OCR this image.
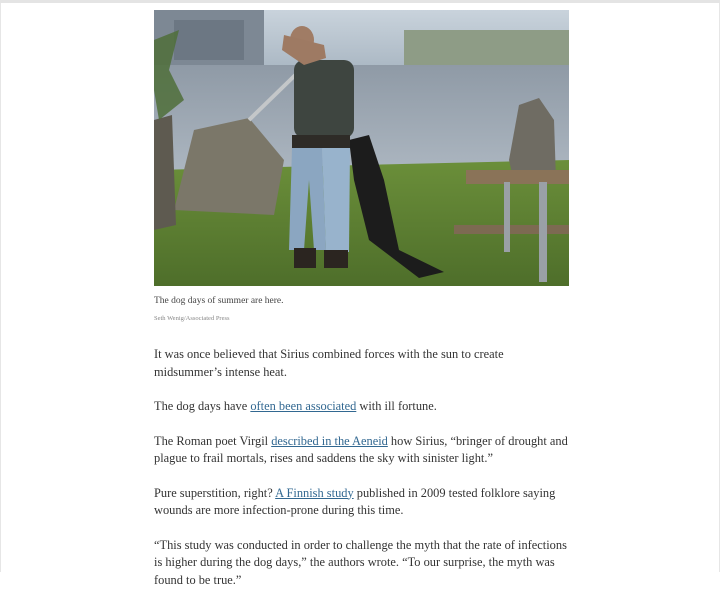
The dog days of summer are here.

Seth Wenig/Associated Press

It was once believed that Sirius combined forces with the sun to create midsummer’s intense heat.

The dog days have often been associated with ill fortune.

The Roman poet Virgil described in the Aeneid how Sirius, “bringer of drought and plague to frail mortals, rises and saddens the sky with sinister light.”

Pure superstition, right? A Finnish study published in 2009 tested folklore saying wounds are more infection-prone during this time.

“This study was conducted in order to challenge the myth that the rate of infections is higher during the dog days,” the authors wrote. “To our surprise, the myth was found to be true.”
